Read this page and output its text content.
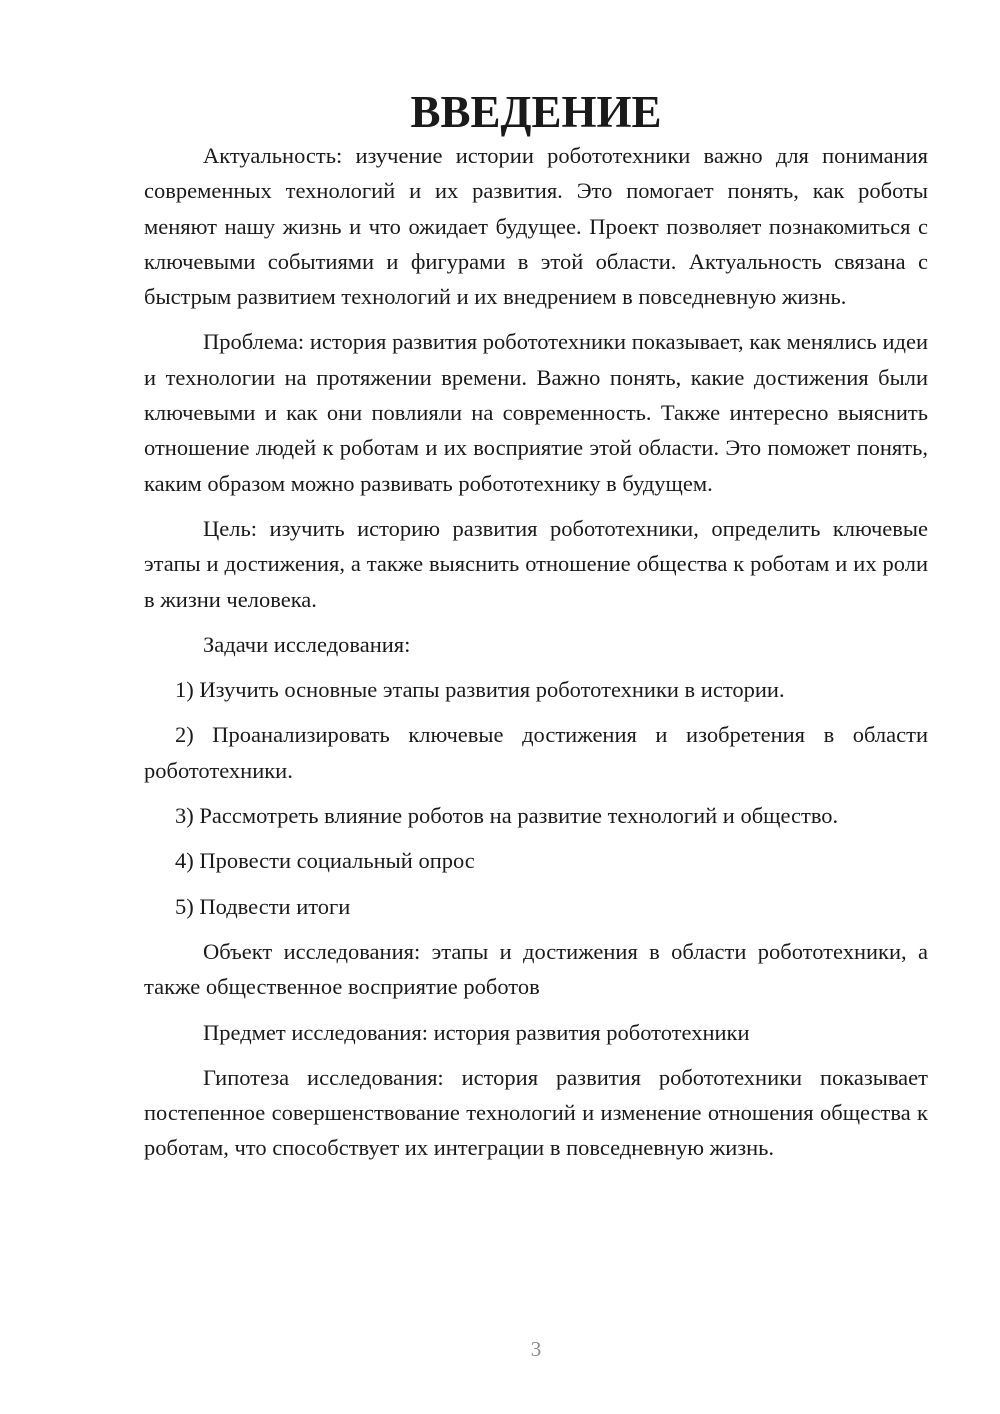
ВВЕДЕНИЕ

Актуальность: изучение истории робототехники важно для понимания современных технологий и их развития. Это помогает понять, как роботы меняют нашу жизнь и что ожидает будущее. Проект позволяет познакомиться с ключевыми событиями и фигурами в этой области. Актуальность связана с быстрым развитием технологий и их внедрением в повседневную жизнь.

Проблема: история развития робототехники показывает, как менялись идеи и технологии на протяжении времени. Важно понять, какие достижения были ключевыми и как они повлияли на современность. Также интересно выяснить отношение людей к роботам и их восприятие этой области. Это поможет понять, каким образом можно развивать робототехнику в будущем.

Цель: изучить историю развития робототехники, определить ключевые этапы и достижения, а также выяснить отношение общества к роботам и их роли в жизни человека.

Задачи исследования:

1) Изучить основные этапы развития робототехники в истории.

2) Проанализировать ключевые достижения и изобретения в области робототехники.

3) Рассмотреть влияние роботов на развитие технологий и общество.

4) Провести социальный опрос

5) Подвести итоги

Объект исследования: этапы и достижения в области робототехники, а также общественное восприятие роботов

Предмет исследования: история развития робототехники

Гипотеза исследования: история развития робототехники показывает постепенное совершенствование технологий и изменение отношения общества к роботам, что способствует их интеграции в повседневную жизнь.

3
